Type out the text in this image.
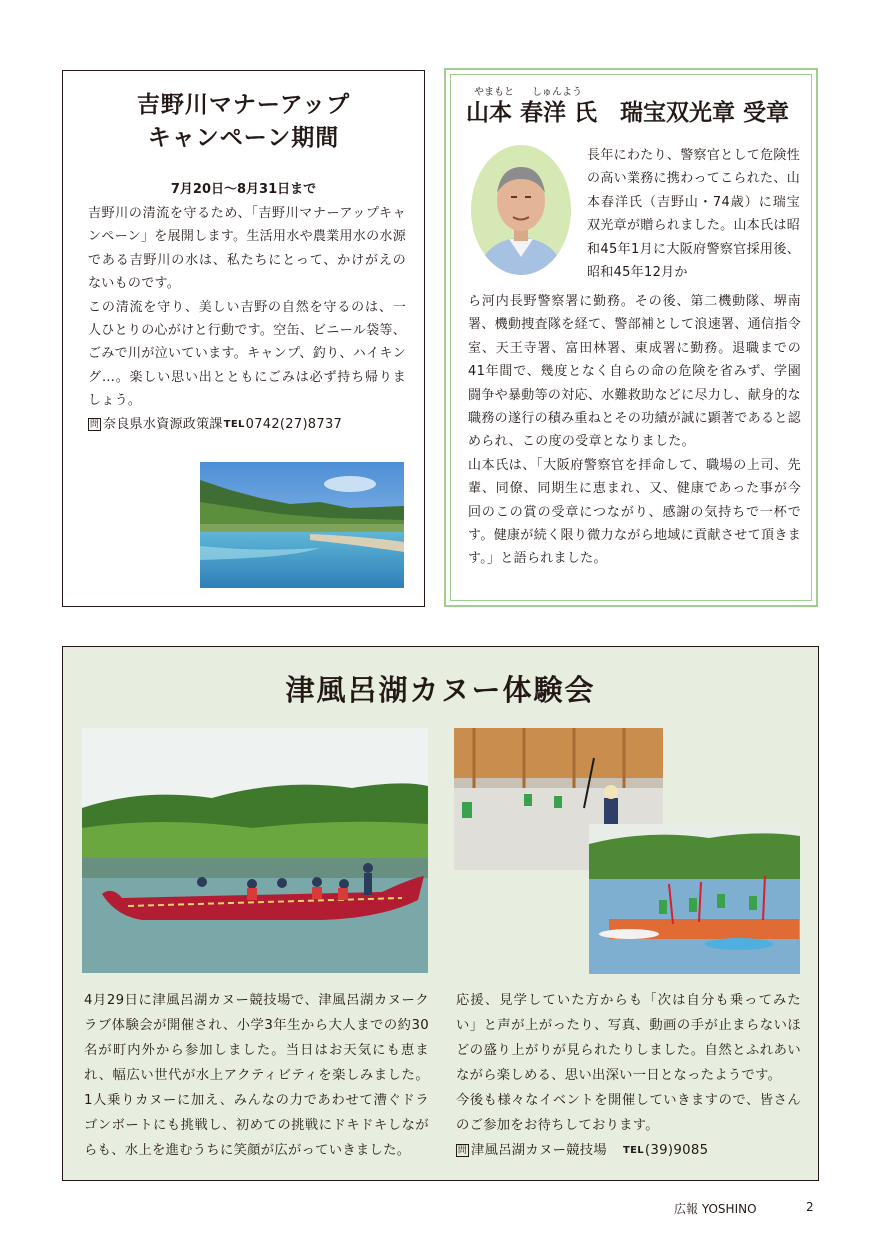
吉野川マナーアップ
キャンペーン期間
7月20日～8月31日まで

吉野川の清流を守るため、「吉野川マナーアップキャンペーン」を展開します。生活用水や農業用水の水源である吉野川の水は、私たちにとって、かけがえのないものです。

この清流を守り、美しい吉野の自然を守るのは、一人ひとりの心がけと行動です。空缶、ビニール袋等、ごみで川が泣いています。キャンプ、釣り、ハイキング…。楽しい思い出とともにごみは必ず持ち帰りましょう。

問 奈良県水資源政策課 TEL 0742(27)8737
やまもと しゅんよう
山本 春洋 氏　瑞宝双光章 受章

長年にわたり、警察官として危険性の高い業務に携わってこられた、山本春洋氏（吉野山・74歳）に瑞宝双光章が贈られました。山本氏は昭和45年1月に大阪府警察官採用後、昭和45年12月か

ら河内長野警察署に勤務。その後、第二機動隊、堺南署、機動捜査隊を経て、警部補として浪速署、通信指令室、天王寺署、富田林署、東成署に勤務。退職までの41年間で、幾度となく自らの命の危険を省みず、学園闘争や暴動等の対応、水難救助などに尽力し、献身的な職務の遂行の積み重ねとその功績が誠に顕著であると認められ、この度の受章となりました。

山本氏は、「大阪府警察官を拝命して、職場の上司、先輩、同僚、同期生に恵まれ、又、健康であった事が今回のこの賞の受章につながり、感謝の気持ちで一杯です。健康が続く限り微力ながら地域に貢献させて頂きます。」と語られました。

津風呂湖カヌー体験会

4月29日に津風呂湖カヌー競技場で、津風呂湖カヌークラブ体験会が開催され、小学3年生から大人までの約30名が町内外から参加しました。当日はお天気にも恵まれ、幅広い世代が水上アクティビティを楽しみました。1人乗りカヌーに加え、みんなの力であわせて漕ぐドラゴンボートにも挑戦し、初めての挑戦にドキドキしながらも、水上を進むうちに笑顔が広がっていきました。

応援、見学していた方からも「次は自分も乗ってみたい」と声が上がったり、写真、動画の手が止まらないほどの盛り上がりが見られたりしました。自然とふれあいながら楽しめる、思い出深い一日となったようです。

今後も様々なイベントを開催していきますので、皆さんのご参加をお待ちしております。

問 津風呂湖カヌー競技場 TEL (39)9085
広報 YOSHINO	2
